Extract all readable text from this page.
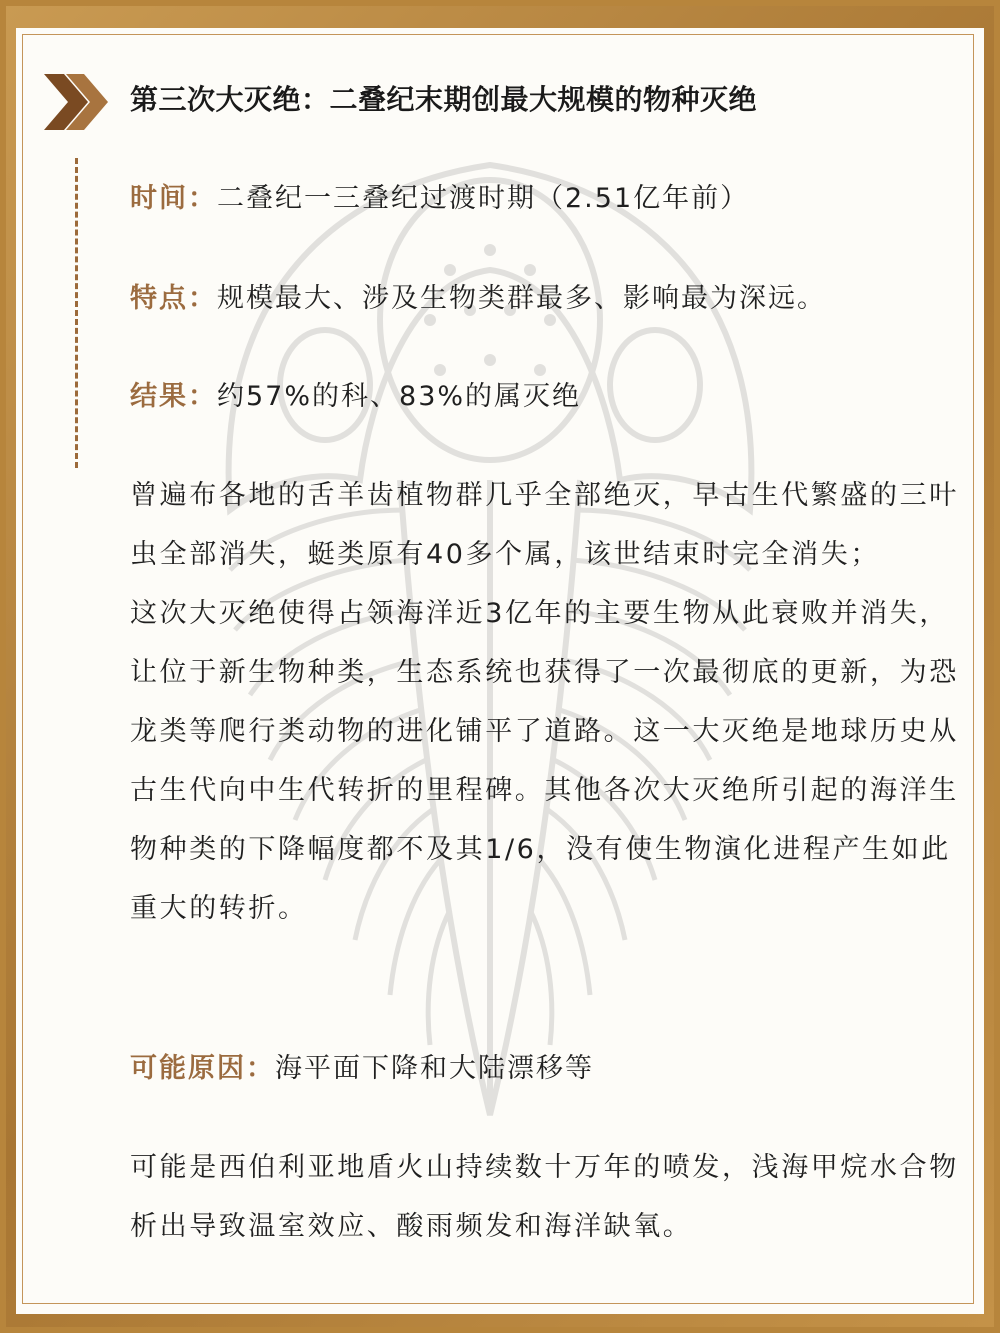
第三次大灭绝：二叠纪末期创最大规模的物种灭绝
时间：二叠纪一三叠纪过渡时期（2.51亿年前）
特点：规模最大、涉及生物类群最多、影响最为深远。
结果：约57%的科、83%的属灭绝

曾遍布各地的舌羊齿植物群几乎全部绝灭，早古生代繁盛的三叶虫全部消失，蜓类原有40多个属，该世结束时完全消失；

这次大灭绝使得占领海洋近3亿年的主要生物从此衰败并消失，让位于新生物种类，生态系统也获得了一次最彻底的更新，为恐龙类等爬行类动物的进化铺平了道路。这一大灭绝是地球历史从古生代向中生代转折的里程碑。其他各次大灭绝所引起的海洋生物种类的下降幅度都不及其1/6，没有使生物演化进程产生如此重大的转折。

可能原因：海平面下降和大陆漂移等

可能是西伯利亚地盾火山持续数十万年的喷发，浅海甲烷水合物析出导致温室效应、酸雨频发和海洋缺氧。
